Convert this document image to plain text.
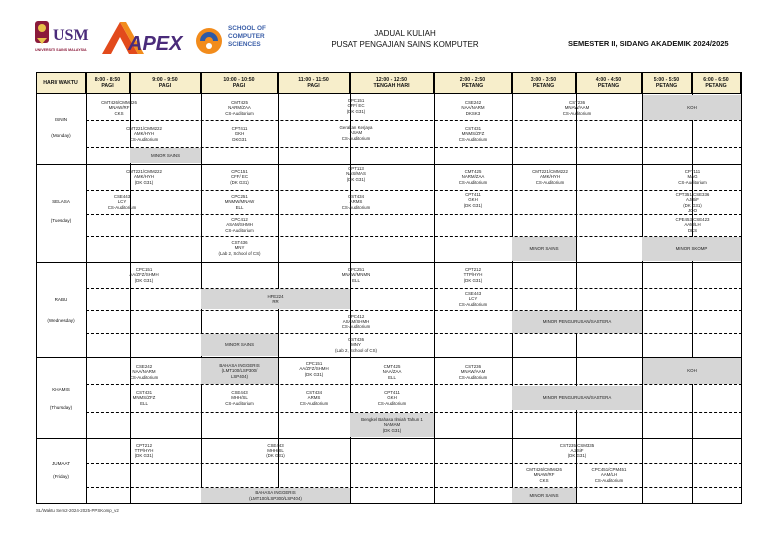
USM
UNIVERSITI SAINS MALAYSIA APEX
SCHOOL OF
COMPUTER
SCIENCES
JADUAL KULIAH
PUSAT PENGAJIAN SAINS KOMPUTER	SEMESTER II, SIDANG AKADEMIK 2024/2025
HARI/ WAKTU
8:00 - 8:50
PAGI
9:00 - 9:50
PAGI
10:00 - 10:50
PAGI
11:00 - 11:50
PAGI
12:00 - 12:50
TENGAH HARI
2:00 - 2:50
PETANG
3:00 - 3:50
PETANG
4:00 - 4:50
PETANG
5:00 - 5:50
PETANG
6:00 - 6:50
PETANG
ISNIN
(Monday)
SELASA
(Tuesday)
RABU
(Wednesday)
KHAMIS
(Thursday)
JUMAAT
(Friday)
CMT426/CMM426
MNAW/RF
CKS
CMT425
NARM/ZAA
CS-Auditorium
CPC151
CFF/ EC
(DK G31)
CSE242
NAA/NARM
DKSK3
CST236
MNAW/AAM
CS-Auditorium
KOH
CMT221/CMM222
AMK/HYH
CS-Auditorium
CPT411
GKH
DKG31
Gerakan Kerjaya
ASAM
CS-Auditorium
CST431
MNMS/ZFZ
CS-Auditorium
MINOR SAINS
CMT221/CMM222
AMK/HYH
(DK G31)
CPC151
CFF/ EC
(DK G31)
CPT113
NAS/MAS
(DK G31)
CMT425
NARM/ZAA
CS-Auditorium
CMT221/CMM222
AMK/HYH
CS-Auditorium
CPT111
MAG
CS-Auditorium
CSE443
LCY
CS-Auditorium
CPC251
MNMW/MNAW
ELL
CST434
ARMS
CS-Auditorium
CPT411
GKH
(DK G31)
CPT351/CSE336
AJ/SiF
(DK G31)
JOO
CPC412
ASAM/SHMH
CS-Auditorium
CPE453/CSE423
AAM/LH
DKS
CST436
MNY
(Lab 2, School of CS)
MINOR SAINS	MINOR SKOMP
CPC151
AA/ZFZ/SHMH
(DK G31)
CPC251
MNAW/MNMN
ELL
CPT212
TTP/HYH
(DK G31)
CSE443
LCY
CS-Auditorium
HFE224
RR
CPC412
ASAM/SHMH
CS-Auditorium
MINOR PENGURUSAN/SASTERA
CST436
MNY
(Lab 2, School of CS)
MINOR SAINS
CSE242
NAA/NARM
CS-Auditorium
BAHASA INGGERIS
(LMT100/LSP300/
LSP404)
CPC151
AA/ZFZ/SHMH
(DK G31)
CMT425
NAA/ZAA
ELL
CST236
MNAW/AAM
CS-Auditorium
KOH
CST431
MNMS/ZFZ
ELL
CSE443
MHH/SL
CS-Auditorium
CST434
ARMS
CS-Auditorium
CPT411
GKH
CS-Auditorium
MINOR PENGURUSAN/SASTERA
Bengkel Bahasa Ilmiah Tahun 1
NAMAM
(DK G31)
CPT212
TTP/HYH
(DK G31)
CSE443
MHH/SL
(DK G31)
CST235/CSM335
AJ/SiF
(DK G31)
CMT426/CMM426
MNAW/RF
CKS
CPC451/CPM451
AAM/LH
CS-Auditorium
BAHASA INGGERIS
(LMT100/LSP300/LSP404)
MINOR SAINS
SL/Waktu Sem2-2024-2025-PPSKomp_v2
